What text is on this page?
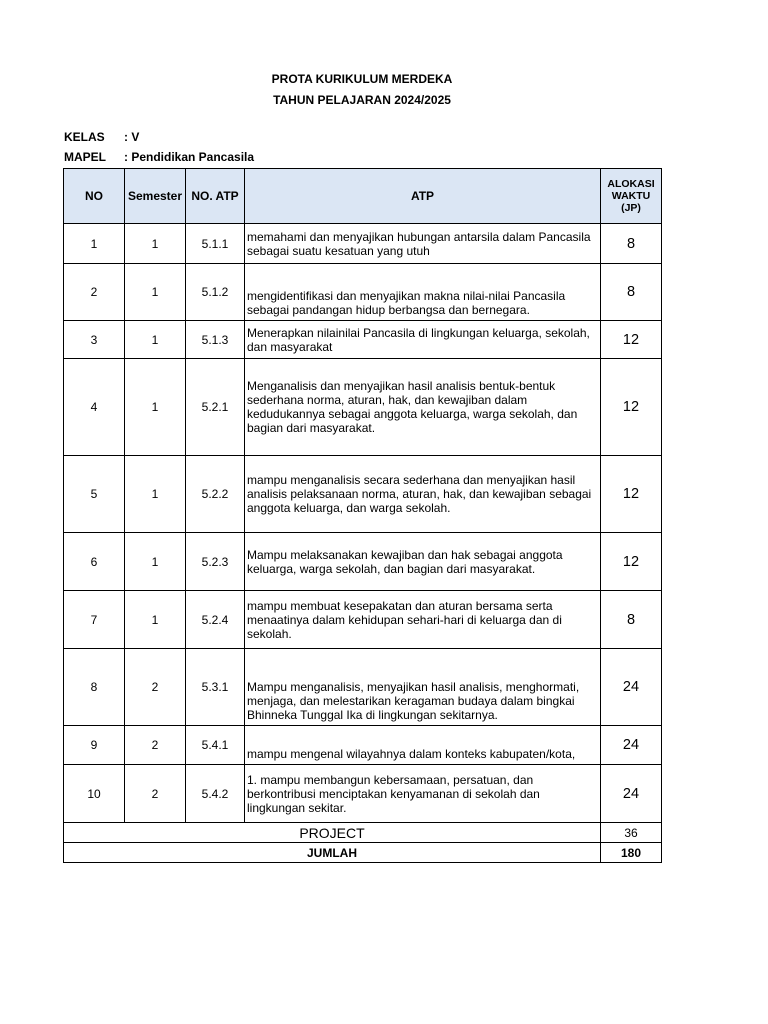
PROTA KURIKULUM MERDEKA
TAHUN PELAJARAN 2024/2025
KELAS : V
MAPEL : Pendidikan Pancasila
NO	Semester	NO. ATP	ATP	ALOKASI WAKTU (JP)
1	1	5.1.1	memahami dan menyajikan hubungan antarsila dalam Pancasila sebagai suatu kesatuan yang utuh	8
2	1	5.1.2	mengidentifikasi dan menyajikan makna nilai-nilai Pancasila sebagai pandangan hidup berbangsa dan bernegara.	8
3	1	5.1.3	Menerapkan nilainilai Pancasila di lingkungan keluarga, sekolah, dan masyarakat	12
4	1	5.2.1	Menganalisis dan menyajikan hasil analisis bentuk-bentuk sederhana norma, aturan, hak, dan kewajiban dalam kedudukannya sebagai anggota keluarga, warga sekolah, dan bagian dari masyarakat.	12
5	1	5.2.2	mampu menganalisis secara sederhana dan menyajikan hasil analisis pelaksanaan norma, aturan, hak, dan kewajiban sebagai anggota keluarga, dan warga sekolah.	12
6	1	5.2.3	Mampu melaksanakan kewajiban dan hak sebagai anggota keluarga, warga sekolah, dan bagian dari masyarakat.	12
7	1	5.2.4	mampu membuat kesepakatan dan aturan bersama serta menaatinya dalam kehidupan sehari-hari di keluarga dan di sekolah.	8
8	2	5.3.1	Mampu menganalisis, menyajikan hasil analisis, menghormati, menjaga, dan melestarikan keragaman budaya dalam bingkai Bhinneka Tunggal Ika di lingkungan sekitarnya.	24
9	2	5.4.1	mampu mengenal wilayahnya dalam konteks kabupaten/kota,	24
10	2	5.4.2	1. mampu membangun kebersamaan, persatuan, dan berkontribusi menciptakan kenyamanan di sekolah dan lingkungan sekitar.	24
PROJECT				36
JUMLAH				180
